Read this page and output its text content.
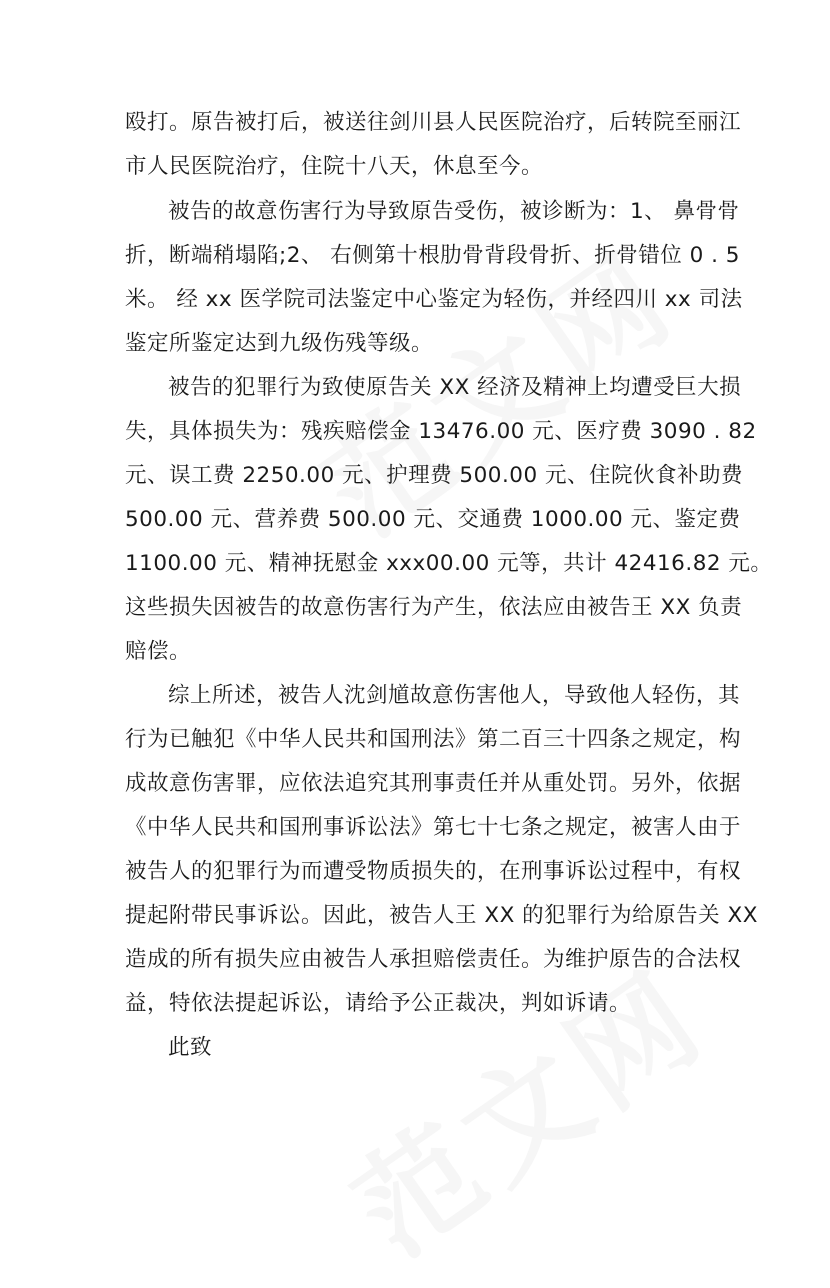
殴打。原告被打后，被送往剑川县人民医院治疗，后转院至丽江
市人民医院治疗，住院十八天，休息至今。
被告的故意伤害行为导致原告受伤，被诊断为：1、 鼻骨骨
折，断端稍塌陷;2、 右侧第十根肋骨背段骨折、折骨错位 0 . 5
米。 经 xx 医学院司法鉴定中心鉴定为轻伤，并经四川 xx 司法
鉴定所鉴定达到九级伤残等级。
被告的犯罪行为致使原告关 XX 经济及精神上均遭受巨大损
失，具体损失为：残疾赔偿金 13476.00 元、医疗费 3090 . 82
元、误工费 2250.00 元、护理费 500.00 元、住院伙食补助费
500.00 元、营养费 500.00 元、交通费 1000.00 元、鉴定费
1100.00 元、精神抚慰金 xxx00.00 元等，共计 42416.82 元。
这些损失因被告的故意伤害行为产生，依法应由被告王 XX 负责
赔偿。
综上所述，被告人沈剑馗故意伤害他人，导致他人轻伤，其
行为已触犯《中华人民共和国刑法》第二百三十四条之规定，构
成故意伤害罪，应依法追究其刑事责任并从重处罚。另外，依据
《中华人民共和国刑事诉讼法》第七十七条之规定，被害人由于
被告人的犯罪行为而遭受物质损失的，在刑事诉讼过程中，有权
提起附带民事诉讼。因此，被告人王 XX 的犯罪行为给原告关 XX
造成的所有损失应由被告人承担赔偿责任。为维护原告的合法权
益，特依法提起诉讼，请给予公正裁决，判如诉请。
此致
